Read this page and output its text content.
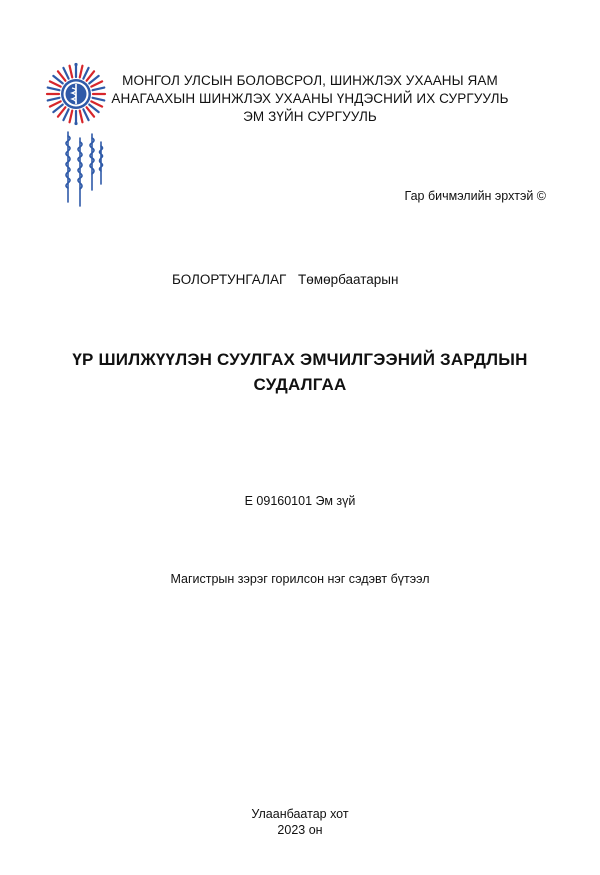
МОНГОЛ УЛСЫН БОЛОВСРОЛ, ШИНЖЛЭХ УХААНЫ ЯАМ
АНАГААХЫН ШИНЖЛЭХ УХААНЫ ҮНДЭСНИЙ ИХ СУРГУУЛЬ
ЭМ ЗҮЙН СУРГУУЛЬ
Гар бичмэлийн эрхтэй ©
БОЛОРТУНГАЛАГ Төмөрбаатарын
ҮР ШИЛЖҮҮЛЭН СУУЛГАХ ЭМЧИЛГЭЭНИЙ ЗАРДЛЫН
СУДАЛГАА
E 09160101 Эм зүй
Магистрын зэрэг горилсон нэг сэдэвт бүтээл
Улаанбаатар хот
2023 он
